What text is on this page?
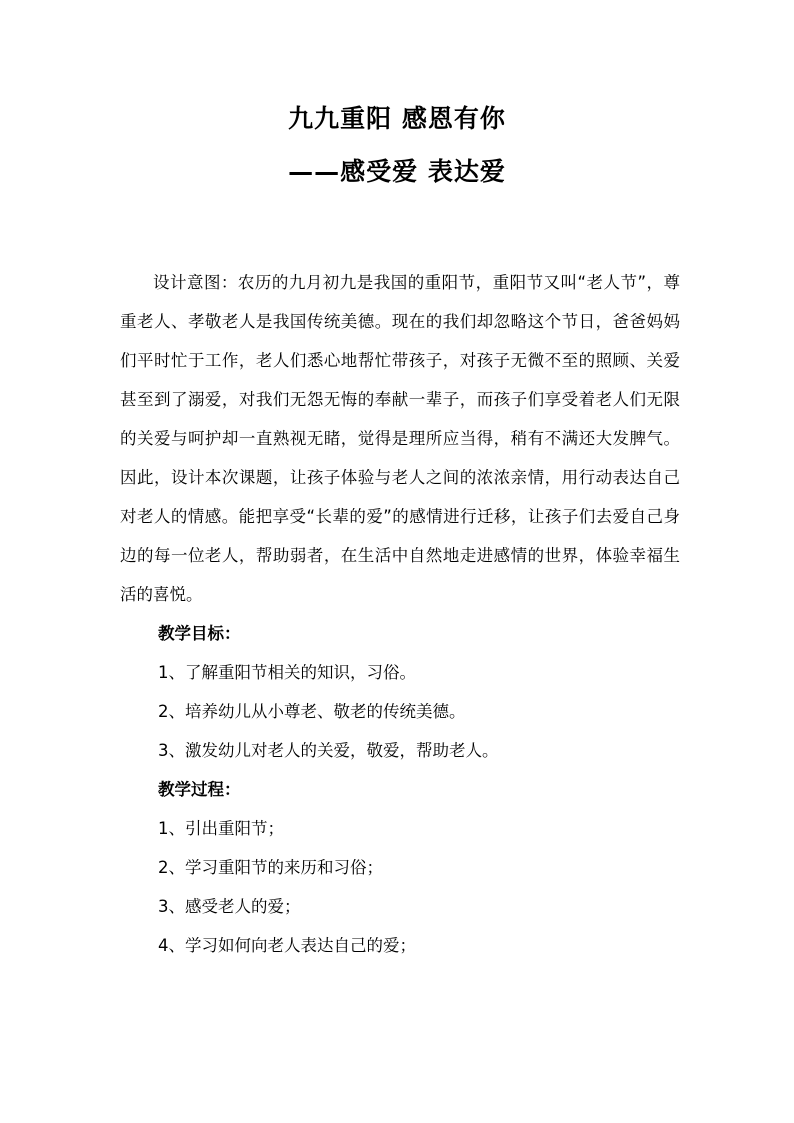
九九重阳 感恩有你
——感受爱 表达爱

设计意图：农历的九月初九是我国的重阳节，重阳节又叫“老人节”，尊重老人、孝敬老人是我国传统美德。现在的我们却忽略这个节日，爸爸妈妈们平时忙于工作，老人们悉心地帮忙带孩子，对孩子无微不至的照顾、关爱甚至到了溺爱，对我们无怨无悔的奉献一辈子，而孩子们享受着老人们无限的关爱与呵护却一直熟视无睹，觉得是理所应当得，稍有不满还大发脾气。因此，设计本次课题，让孩子体验与老人之间的浓浓亲情，用行动表达自己对老人的情感。能把享受“长辈的爱”的感情进行迁移，让孩子们去爱自己身边的每一位老人，帮助弱者，在生活中自然地走进感情的世界，体验幸福生活的喜悦。

教学目标：

1、了解重阳节相关的知识，习俗。
2、培养幼儿从小尊老、敬老的传统美德。
3、激发幼儿对老人的关爱，敬爱，帮助老人。

教学过程：

1、引出重阳节；
2、学习重阳节的来历和习俗；
3、感受老人的爱；
4、学习如何向老人表达自己的爱；
